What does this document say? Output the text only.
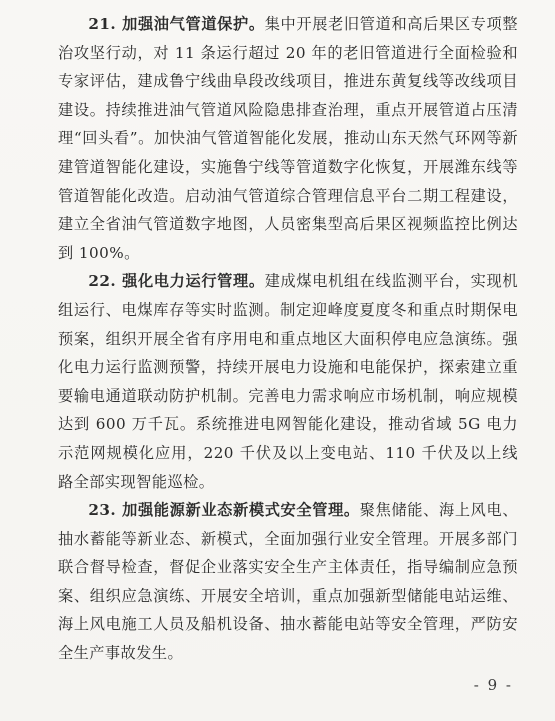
21. 加强油气管道保护。集中开展老旧管道和高后果区专项整治攻坚行动，对 11 条运行超过 20 年的老旧管道进行全面检验和专家评估，建成鲁宁线曲阜段改线项目，推进东黄复线等改线项目建设。持续推进油气管道风险隐患排查治理，重点开展管道占压清理“回头看”。加快油气管道智能化发展，推动山东天然气环网等新建管道智能化建设，实施鲁宁线等管道数字化恢复，开展潍东线等管道智能化改造。启动油气管道综合管理信息平台二期工程建设，建立全省油气管道数字地图，人员密集型高后果区视频监控比例达到 100%。

22. 强化电力运行管理。建成煤电机组在线监测平台，实现机组运行、电煤库存等实时监测。制定迎峰度夏度冬和重点时期保电预案，组织开展全省有序用电和重点地区大面积停电应急演练。强化电力运行监测预警，持续开展电力设施和电能保护，探索建立重要输电通道联动防护机制。完善电力需求响应市场机制，响应规模达到 600 万千瓦。系统推进电网智能化建设，推动省域 5G 电力示范网规模化应用，220 千伏及以上变电站、110 千伏及以上线路全部实现智能巡检。

23. 加强能源新业态新模式安全管理。聚焦储能、海上风电、抽水蓄能等新业态、新模式，全面加强行业安全管理。开展多部门联合督导检查，督促企业落实安全生产主体责任，指导编制应急预案、组织应急演练、开展安全培训，重点加强新型储能电站运维、海上风电施工人员及船机设备、抽水蓄能电站等安全管理，严防安全生产事故发生。

- 9 -
